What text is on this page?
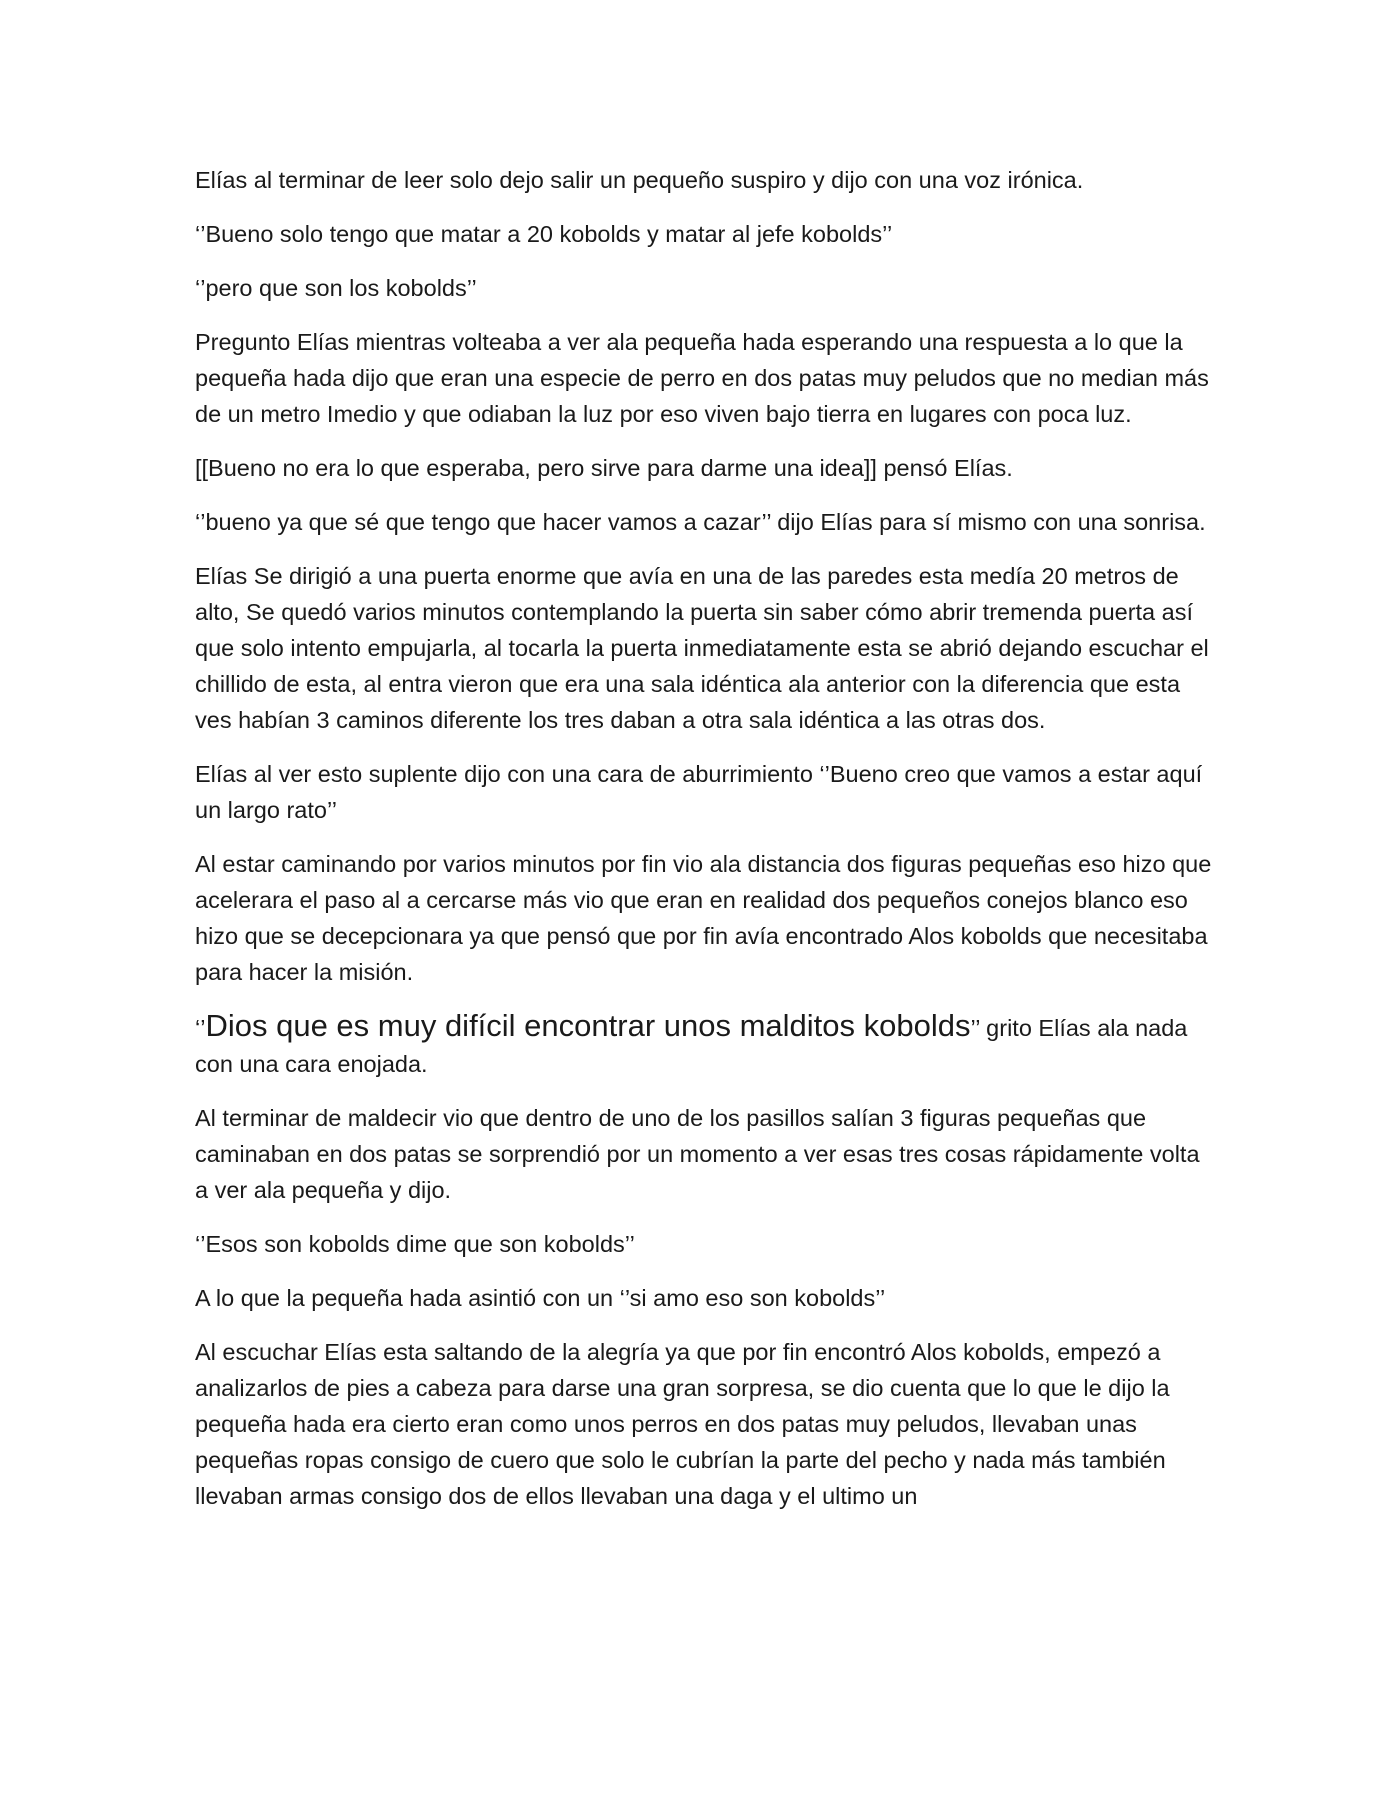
Elías al terminar de leer solo dejo salir un pequeño suspiro y dijo con una voz irónica.

‘’Bueno solo tengo que matar a 20 kobolds y matar al jefe kobolds’’

‘’pero que son los kobolds’’

Pregunto Elías mientras volteaba a ver ala pequeña hada esperando una respuesta a lo que la pequeña hada dijo que eran una especie de perro en dos patas muy peludos que no median más de un metro Imedio y que odiaban la luz por eso viven bajo tierra en lugares con poca luz.

[[Bueno no era lo que esperaba, pero sirve para darme una idea]] pensó Elías.

‘’bueno ya que sé que tengo que hacer vamos a cazar’’ dijo Elías para sí mismo con una sonrisa.

Elías Se dirigió a una puerta enorme que avía en una de las paredes esta medía 20 metros de alto, Se quedó varios minutos contemplando la puerta sin saber cómo abrir tremenda puerta así que solo intento empujarla, al tocarla la puerta inmediatamente esta se abrió dejando escuchar el chillido de esta, al entra vieron que era una sala idéntica ala anterior con la diferencia que esta ves habían 3 caminos diferente los tres daban a otra sala idéntica a las otras dos.

Elías al ver esto suplente dijo con una cara de aburrimiento ‘’Bueno creo que vamos a estar aquí un largo rato’’

Al estar caminando por varios minutos por fin vio ala distancia dos figuras pequeñas eso hizo que acelerara el paso al a cercarse más vio que eran en realidad dos pequeños conejos blanco eso hizo que se decepcionara ya que pensó que por fin avía encontrado Alos kobolds que necesitaba para hacer la misión.

‘’Dios que es muy difícil encontrar unos malditos kobolds’’ grito Elías ala nada con una cara enojada.

Al terminar de maldecir vio que dentro de uno de los pasillos salían 3 figuras pequeñas que caminaban en dos patas se sorprendió por un momento a ver esas tres cosas rápidamente volta a ver ala pequeña y dijo.

‘’Esos son kobolds dime que son kobolds’’

A lo que la pequeña hada asintió con un ‘’si amo eso son kobolds’’

Al escuchar Elías esta saltando de la alegría ya que por fin encontró Alos kobolds, empezó a analizarlos de pies a cabeza para darse una gran sorpresa, se dio cuenta que lo que le dijo la pequeña hada era cierto eran como unos perros en dos patas muy peludos, llevaban unas pequeñas ropas consigo de cuero que solo le cubrían la parte del pecho y nada más también llevaban armas consigo dos de ellos llevaban una daga y el ultimo un
